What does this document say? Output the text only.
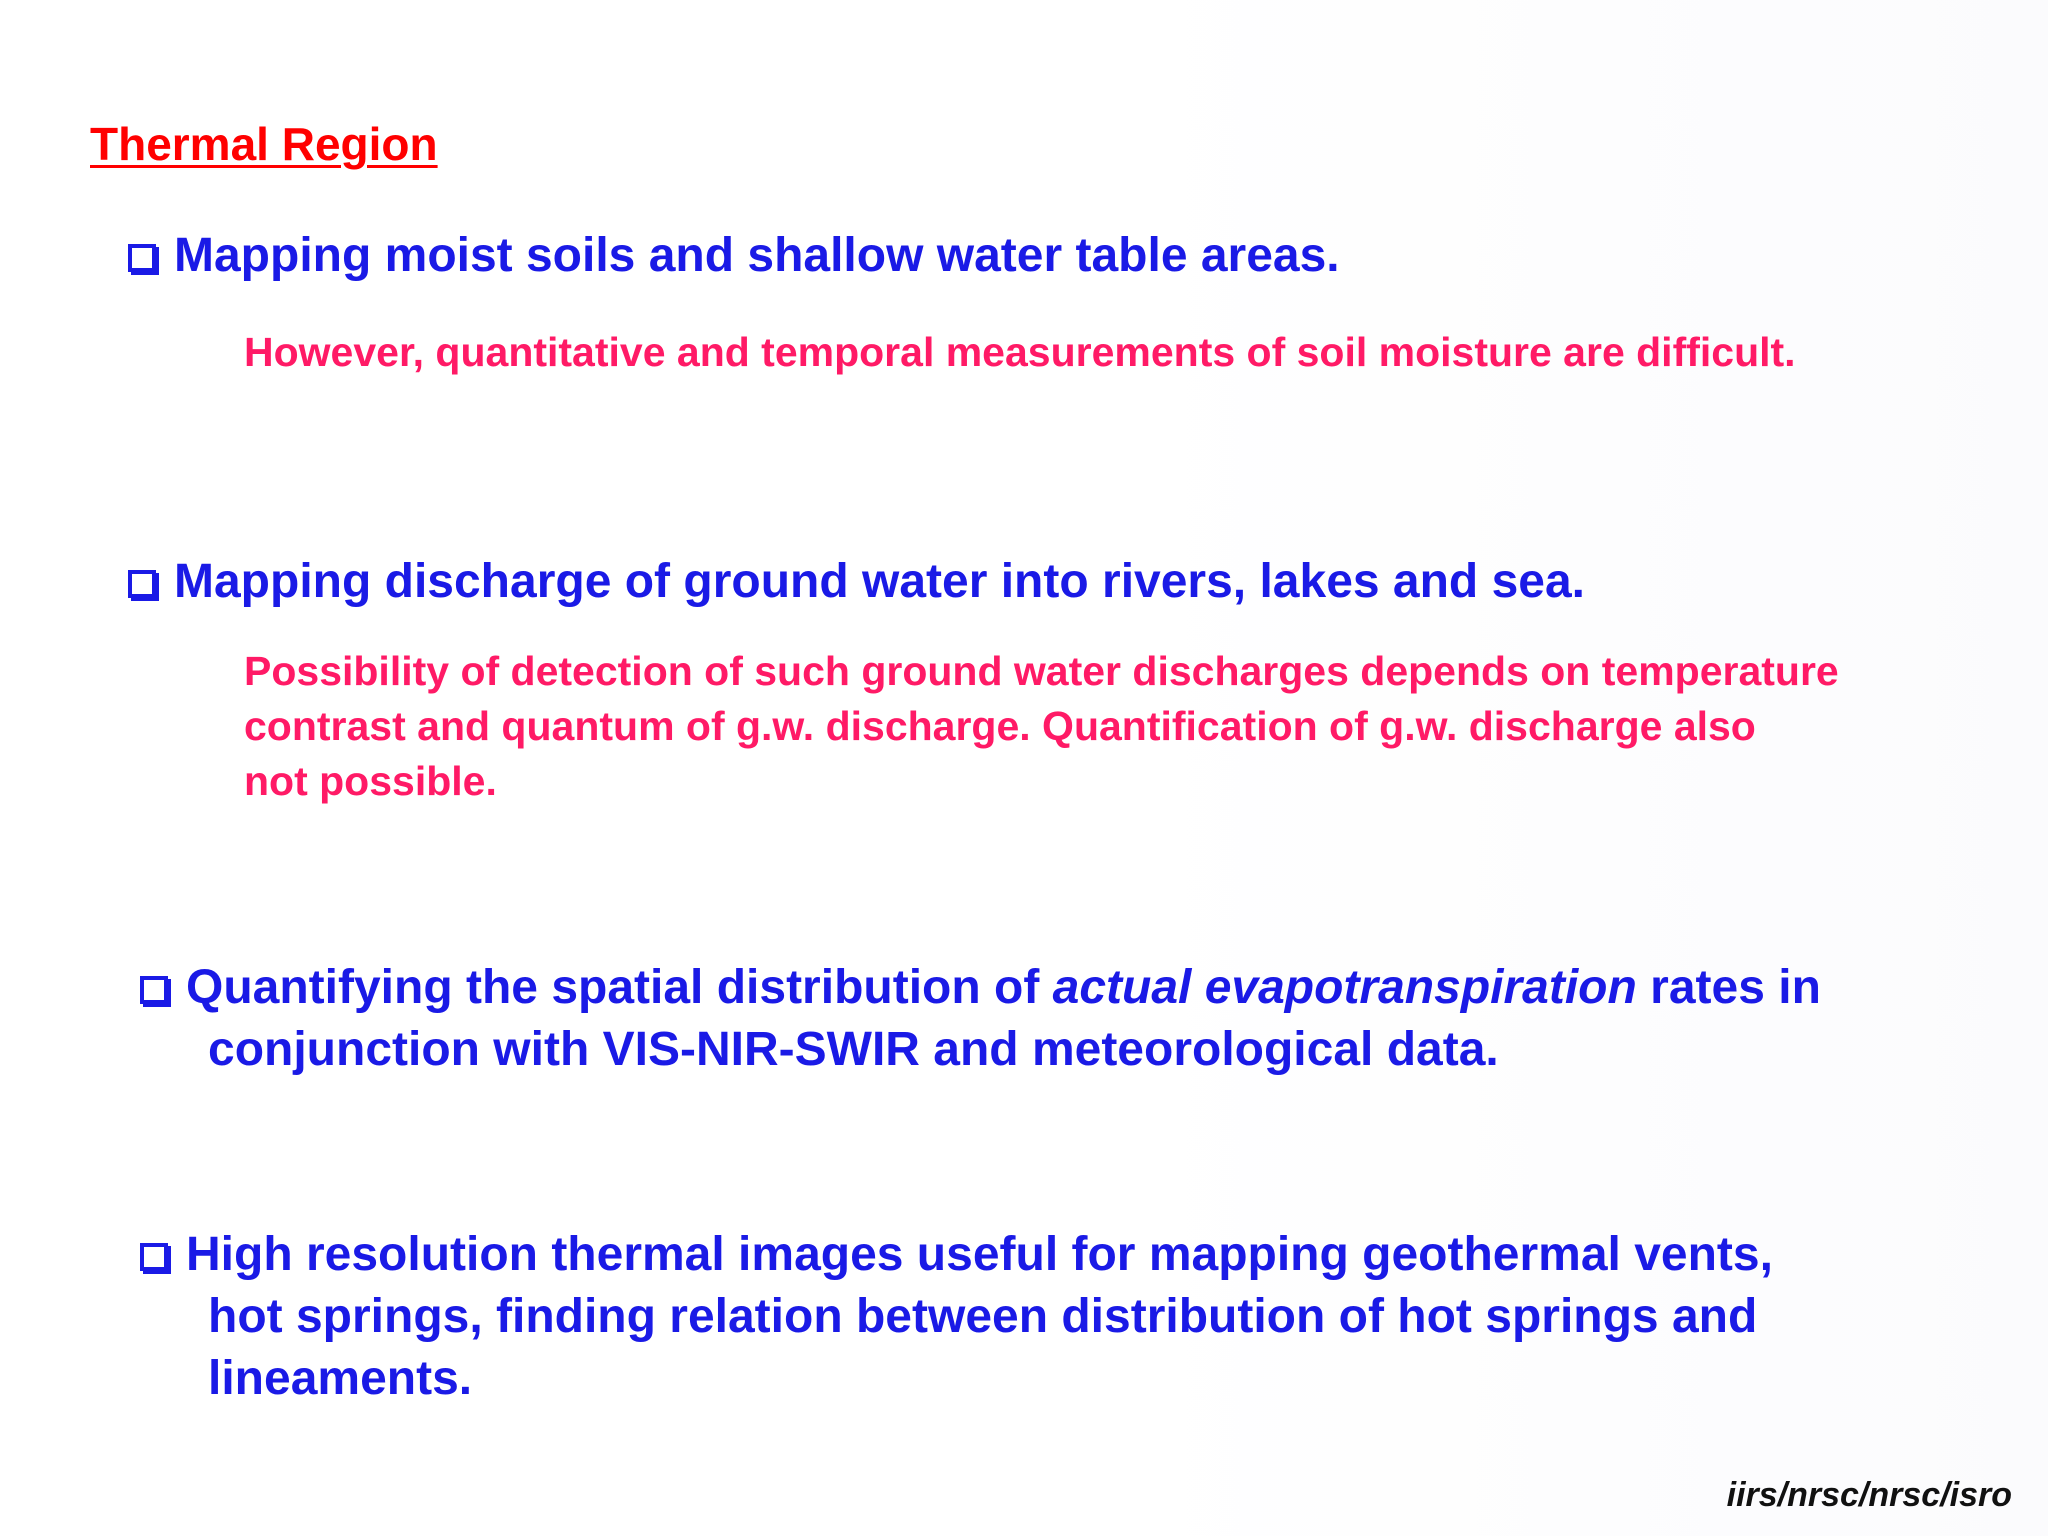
Thermal Region
Mapping moist soils and shallow water table areas.
However, quantitative and temporal measurements of soil moisture are difficult.
Mapping discharge of ground water into rivers, lakes and sea.
Possibility of detection of such ground water discharges depends on temperature
contrast and quantum of g.w. discharge. Quantification of g.w. discharge also
not possible.
Quantifying the spatial distribution of actual evapotranspiration rates in
conjunction with VIS-NIR-SWIR and meteorological data.
High resolution thermal images useful for mapping geothermal vents,
hot springs, finding relation between distribution of hot springs and
lineaments.
iirs/nrsc/nrsc/isro
